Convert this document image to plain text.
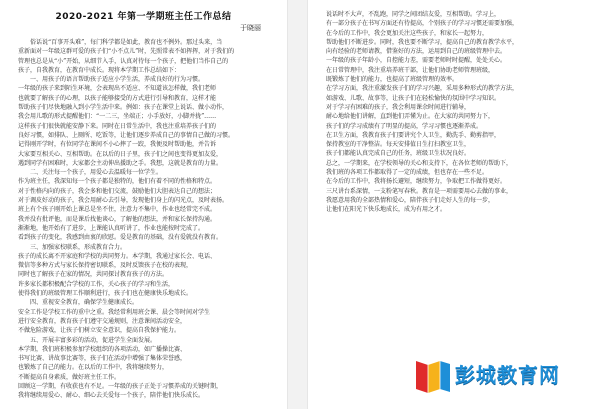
2020-2021 年第一学期班主任工作总结
于晓丽
俗话说“百事开头难”，每门科学都是如此，教育也不例外。那过头来，当
重新面对一年级这群可爱的孩子们“小不点儿”时，先照常表不如挥挥，对于我们的
管理也总是从“小”开始，从细节入手，认真对待每一个孩子，把他们当作自己的
孩子，自我教育，在教育中成长。现将本学期工作总结如下：
一、用孩子的语言帮助孩子适应小学生活，养成良好的行为习惯。
一年级的孩子来到陌生环境，会表现出不适应、不知道该怎样做，我们老师
也就要了解孩子的心理，以孩子能够接受的方式进行引导和教育，这样才能
帮助孩子们尽快地融入到小学生活中来。例如：孩子在课堂上说话、做小动作，
我会用儿歌的形式提醒他们：“一二三，坐端正；小手放好，小脚并拢”……
这样孩子们很快就能安静下来。同时在日常生活中，我也注重培养孩子们的
良好习惯，如排队、上厕所、吃饭等，让他们逐步养成自己的事情自己做的习惯。
记得刚开学时，有位同学在课间不小心摔了一跤，我便及时帮助他，并告诉
大家要互相关心、互相帮助。在以后的日子里，孩子们之间也变得更加友爱，
遇到同学有困难时，大家都会主动伸出援助之手。我想，这就是教育的力量。
二、关注每一个孩子，用爱心去温暖每一位学生。
作为班主任，我深知每一个孩子都是独特的，他们有着不同的性格和特点。
对于性格内向的孩子，我会多和他们交流，鼓励他们大胆表达自己的想法；
对于调皮好动的孩子，我会用耐心去引导，发现他们身上的闪光点，及时表扬。
班上有个孩子刚开始上课总是坐不住，注意力不集中，作业也经常完不成。
我并没有批评他，而是课后找他谈心，了解他的想法，并和家长保持沟通。
渐渐地，他开始有了进步，上课能认真听讲了，作业也能按时完成了。
看到孩子的变化，我感到由衷的欣慰。爱是教育的基础，没有爱就没有教育。
三、加强家校联系，形成教育合力。
孩子的成长离不开家庭和学校的共同努力。本学期，我通过家长会、电话、
微信等多种方式与家长保持密切联系，及时反馈孩子在校的表现，
同时也了解孩子在家的情况，共同探讨教育孩子的方法。
许多家长都积极配合学校的工作，关心孩子的学习和生活，
使得我们的班级管理工作顺利进行，孩子们也在健康快乐地成长。
四、重视安全教育，确保学生健康成长。
安全工作是学校工作的重中之重。我经常利用班会课、晨会等时间对学生
进行安全教育，教育孩子们遵守交通规则，注意课间活动安全，
不做危险游戏，让孩子们树立安全意识，提高自我保护能力。
五、开展丰富多彩的活动，促进学生全面发展。
本学期，我们班积极参加学校组织的各项活动，如广播操比赛、
书写比赛、讲故事比赛等，孩子们在活动中增强了集体荣誉感，
也锻炼了自己的能力。在以后的工作中，我将继续努力，
不断提高自身素质，做好班主任工作。
回顾这一学期，有收获也有不足。一年级的孩子正处于习惯养成的关键时期，
我将继续用爱心、耐心、细心去关爱每一个孩子，陪伴他们快乐成长。
说话时不大声，不乱跑，同学之间团结友爱，互相帮助。学习上，
有一部分孩子在书写方面还有待提高，个别孩子的学习习惯还需要加强，
在今后的工作中，我会更加关注这些孩子，和家长一起努力，
帮助他们不断进步。同时，我也要不断学习，提高自己的教育教学水平，
向有经验的老师请教，借鉴好的方法，运用到自己的班级管理中去。
一年级的孩子年龄小，自控能力差，需要老师时时提醒，处处关心。
在日常管理中，我注重培养班干部，让他们协助老师管理班级，
既锻炼了他们的能力，也提高了班级管理的效率。
在学习方面，我注重激发孩子们的学习兴趣，采用多种形式的教学方法，
如游戏、儿歌、故事等，让孩子们在轻松愉快的氛围中学习知识。
对于学习有困难的孩子，我会利用课余时间进行辅导，
耐心地给他们讲解，直到他们弄懂为止。在大家的共同努力下，
孩子们的学习成绩有了明显的提高，学习习惯也逐渐养成。
在卫生方面，我教育孩子们要讲究个人卫生，勤洗手、勤剪指甲，
保持教室的干净整洁。每天安排值日生打扫教室卫生，
孩子们都能认真完成自己的任务，班级卫生状况良好。
总之，一学期来，在学校领导的关心和支持下，在各位老师的帮助下，
我们班的各项工作都取得了一定的成绩，但也存在一些不足。
在今后的工作中，我将扬长避短，继续努力，争取把工作做得更好。
三尺讲台系深情，一支粉笔写春秋。教育是一项需要用心去做的事业，
我愿意用我的全部热情和爱心，陪伴孩子们走好人生的每一步，
让他们在阳光下快乐地成长，成为有用之才。
彭城教育网
